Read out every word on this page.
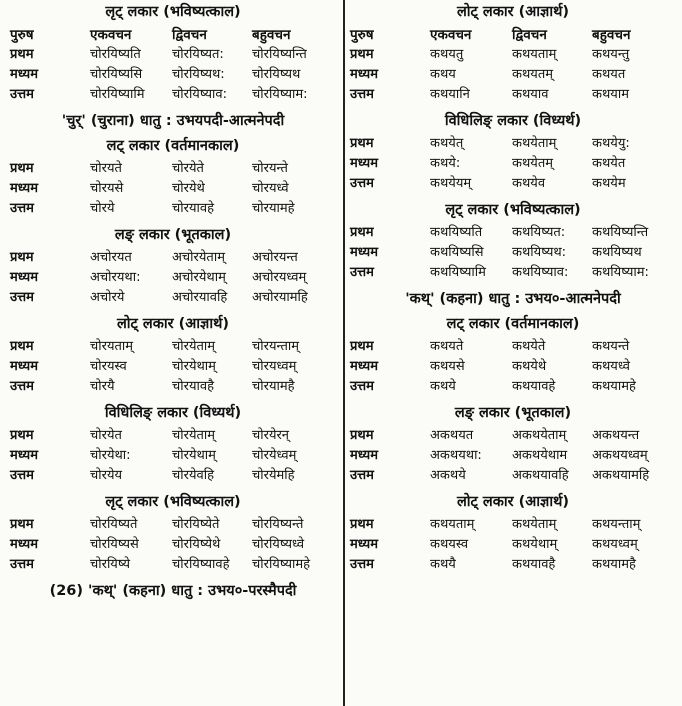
लृट् लकार (भविष्यत्काल)
पुरुष	एकवचन	द्विवचन	बहुवचन
प्रथम	चोरयिष्यति	चोरयिष्यत:	चोरयिष्यन्ति
मध्यम	चोरयिष्यसि	चोरयिष्यथ:	चोरयिष्यथ
उत्तम	चोरयिष्यामि	चोरयिष्याव:	चोरयिष्याम:
'चुर्' (चुराना) धातु : उभयपदी-आत्मनेपदी
लट् लकार (वर्तमानकाल)
प्रथम	चोरयते	चोरयेते	चोरयन्ते
मध्यम	चोरयसे	चोरयेथे	चोरयध्वे
उत्तम	चोरये	चोरयावहे	चोरयामहे
लङ् लकार (भूतकाल)
प्रथम	अचोरयत	अचोरयेताम्	अचोरयन्त
मध्यम	अचोरयथा:	अचोरयेथाम्	अचोरयध्वम्
उत्तम	अचोरये	अचोरयावहि	अचोरयामहि
लोट् लकार (आज्ञार्थ)
प्रथम	चोरयताम्	चोरयेताम्	चोरयन्ताम्
मध्यम	चोरयस्व	चोरयेथाम्	चोरयध्वम्
उत्तम	चोरयै	चोरयावहै	चोरयामहै
विधिलिङ् लकार (विध्यर्थ)
प्रथम	चोरयेत	चोरयेताम्	चोरयेरन्
मध्यम	चोरयेथा:	चोरयेथाम्	चोरयेध्वम्
उत्तम	चोरयेय	चोरयेवहि	चोरयेमहि
लृट् लकार (भविष्यत्काल)
प्रथम	चोरयिष्यते	चोरयिष्येते	चोरयिष्यन्ते
मध्यम	चोरयिष्यसे	चोरयिष्येथे	चोरयिष्यध्वे
उत्तम	चोरयिष्ये	चोरयिष्यावहे	चोरयिष्यामहे
(26) 'कथ्' (कहना) धातु : उभय०-परस्मैपदी
लोट् लकार (आज्ञार्थ)
पुरुष	एकवचन	द्विवचन	बहुवचन
प्रथम	कथयतु	कथयताम्	कथयन्तु
मध्यम	कथय	कथयतम्	कथयत
उत्तम	कथयानि	कथयाव	कथयाम
विधिलिङ् लकार (विध्यर्थ)
प्रथम	कथयेत्	कथयेताम्	कथयेयु:
मध्यम	कथये:	कथयेतम्	कथयेत
उत्तम	कथयेयम्	कथयेव	कथयेम
लृट् लकार (भविष्यत्काल)
प्रथम	कथयिष्यति	कथयिष्यत:	कथयिष्यन्ति
मध्यम	कथयिष्यसि	कथयिष्यथ:	कथयिष्यथ
उत्तम	कथयिष्यामि	कथयिष्याव:	कथयिष्याम:
'कथ्' (कहना) धातु : उभय०-आत्मनेपदी
लट् लकार (वर्तमानकाल)
प्रथम	कथयते	कथयेते	कथयन्ते
मध्यम	कथयसे	कथयेथे	कथयध्वे
उत्तम	कथये	कथयावहे	कथयामहे
लङ् लकार (भूतकाल)
प्रथम	अकथयत	अकथयेताम्	अकथयन्त
मध्यम	अकथयथा:	अकथयेथाम	अकथयध्वम्
उत्तम	अकथये	अकथयावहि	अकथयामहि
लोट् लकार (आज्ञार्थ)
प्रथम	कथयताम्	कथयेताम्	कथयन्ताम्
मध्यम	कथयस्व	कथयेथाम्	कथयध्वम्
उत्तम	कथयै	कथयावहै	कथयामहै
